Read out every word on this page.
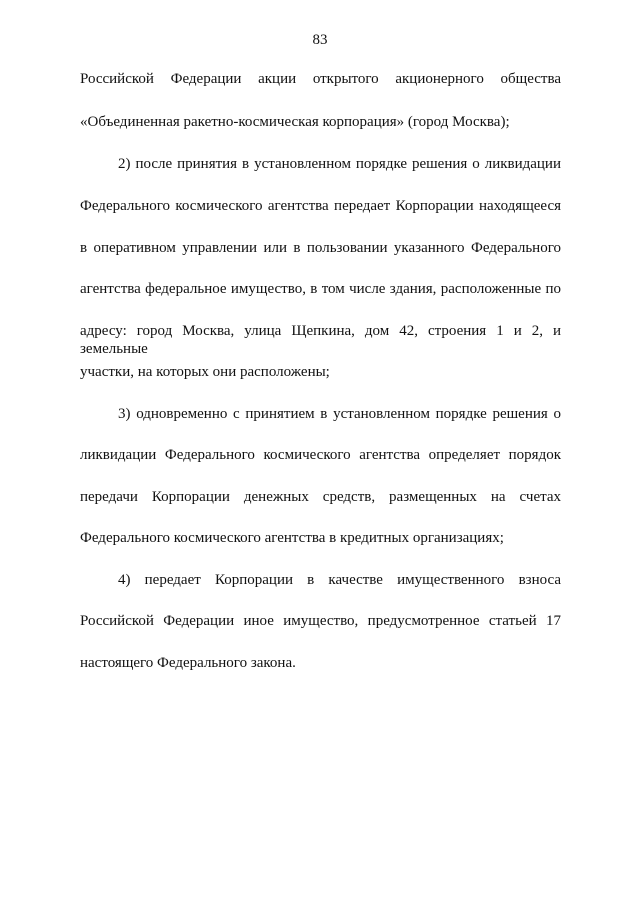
83
Российской Федерации акции открытого акционерного общества
«Объединенная ракетно-космическая корпорация» (город Москва);
2) после принятия в установленном порядке решения о ликвидации
Федерального космического агентства передает Корпорации находящееся
в оперативном управлении или в пользовании указанного Федерального
агентства федеральное имущество, в том числе здания, расположенные по
адресу: город Москва, улица Щепкина, дом 42, строения 1 и 2, и земельные
участки, на которых они расположены;
3) одновременно с принятием в установленном порядке решения о
ликвидации Федерального космического агентства определяет порядок
передачи Корпорации денежных средств, размещенных на счетах
Федерального космического агентства в кредитных организациях;
4) передает Корпорации в качестве имущественного взноса
Российской Федерации иное имущество, предусмотренное статьей 17
настоящего Федерального закона.
